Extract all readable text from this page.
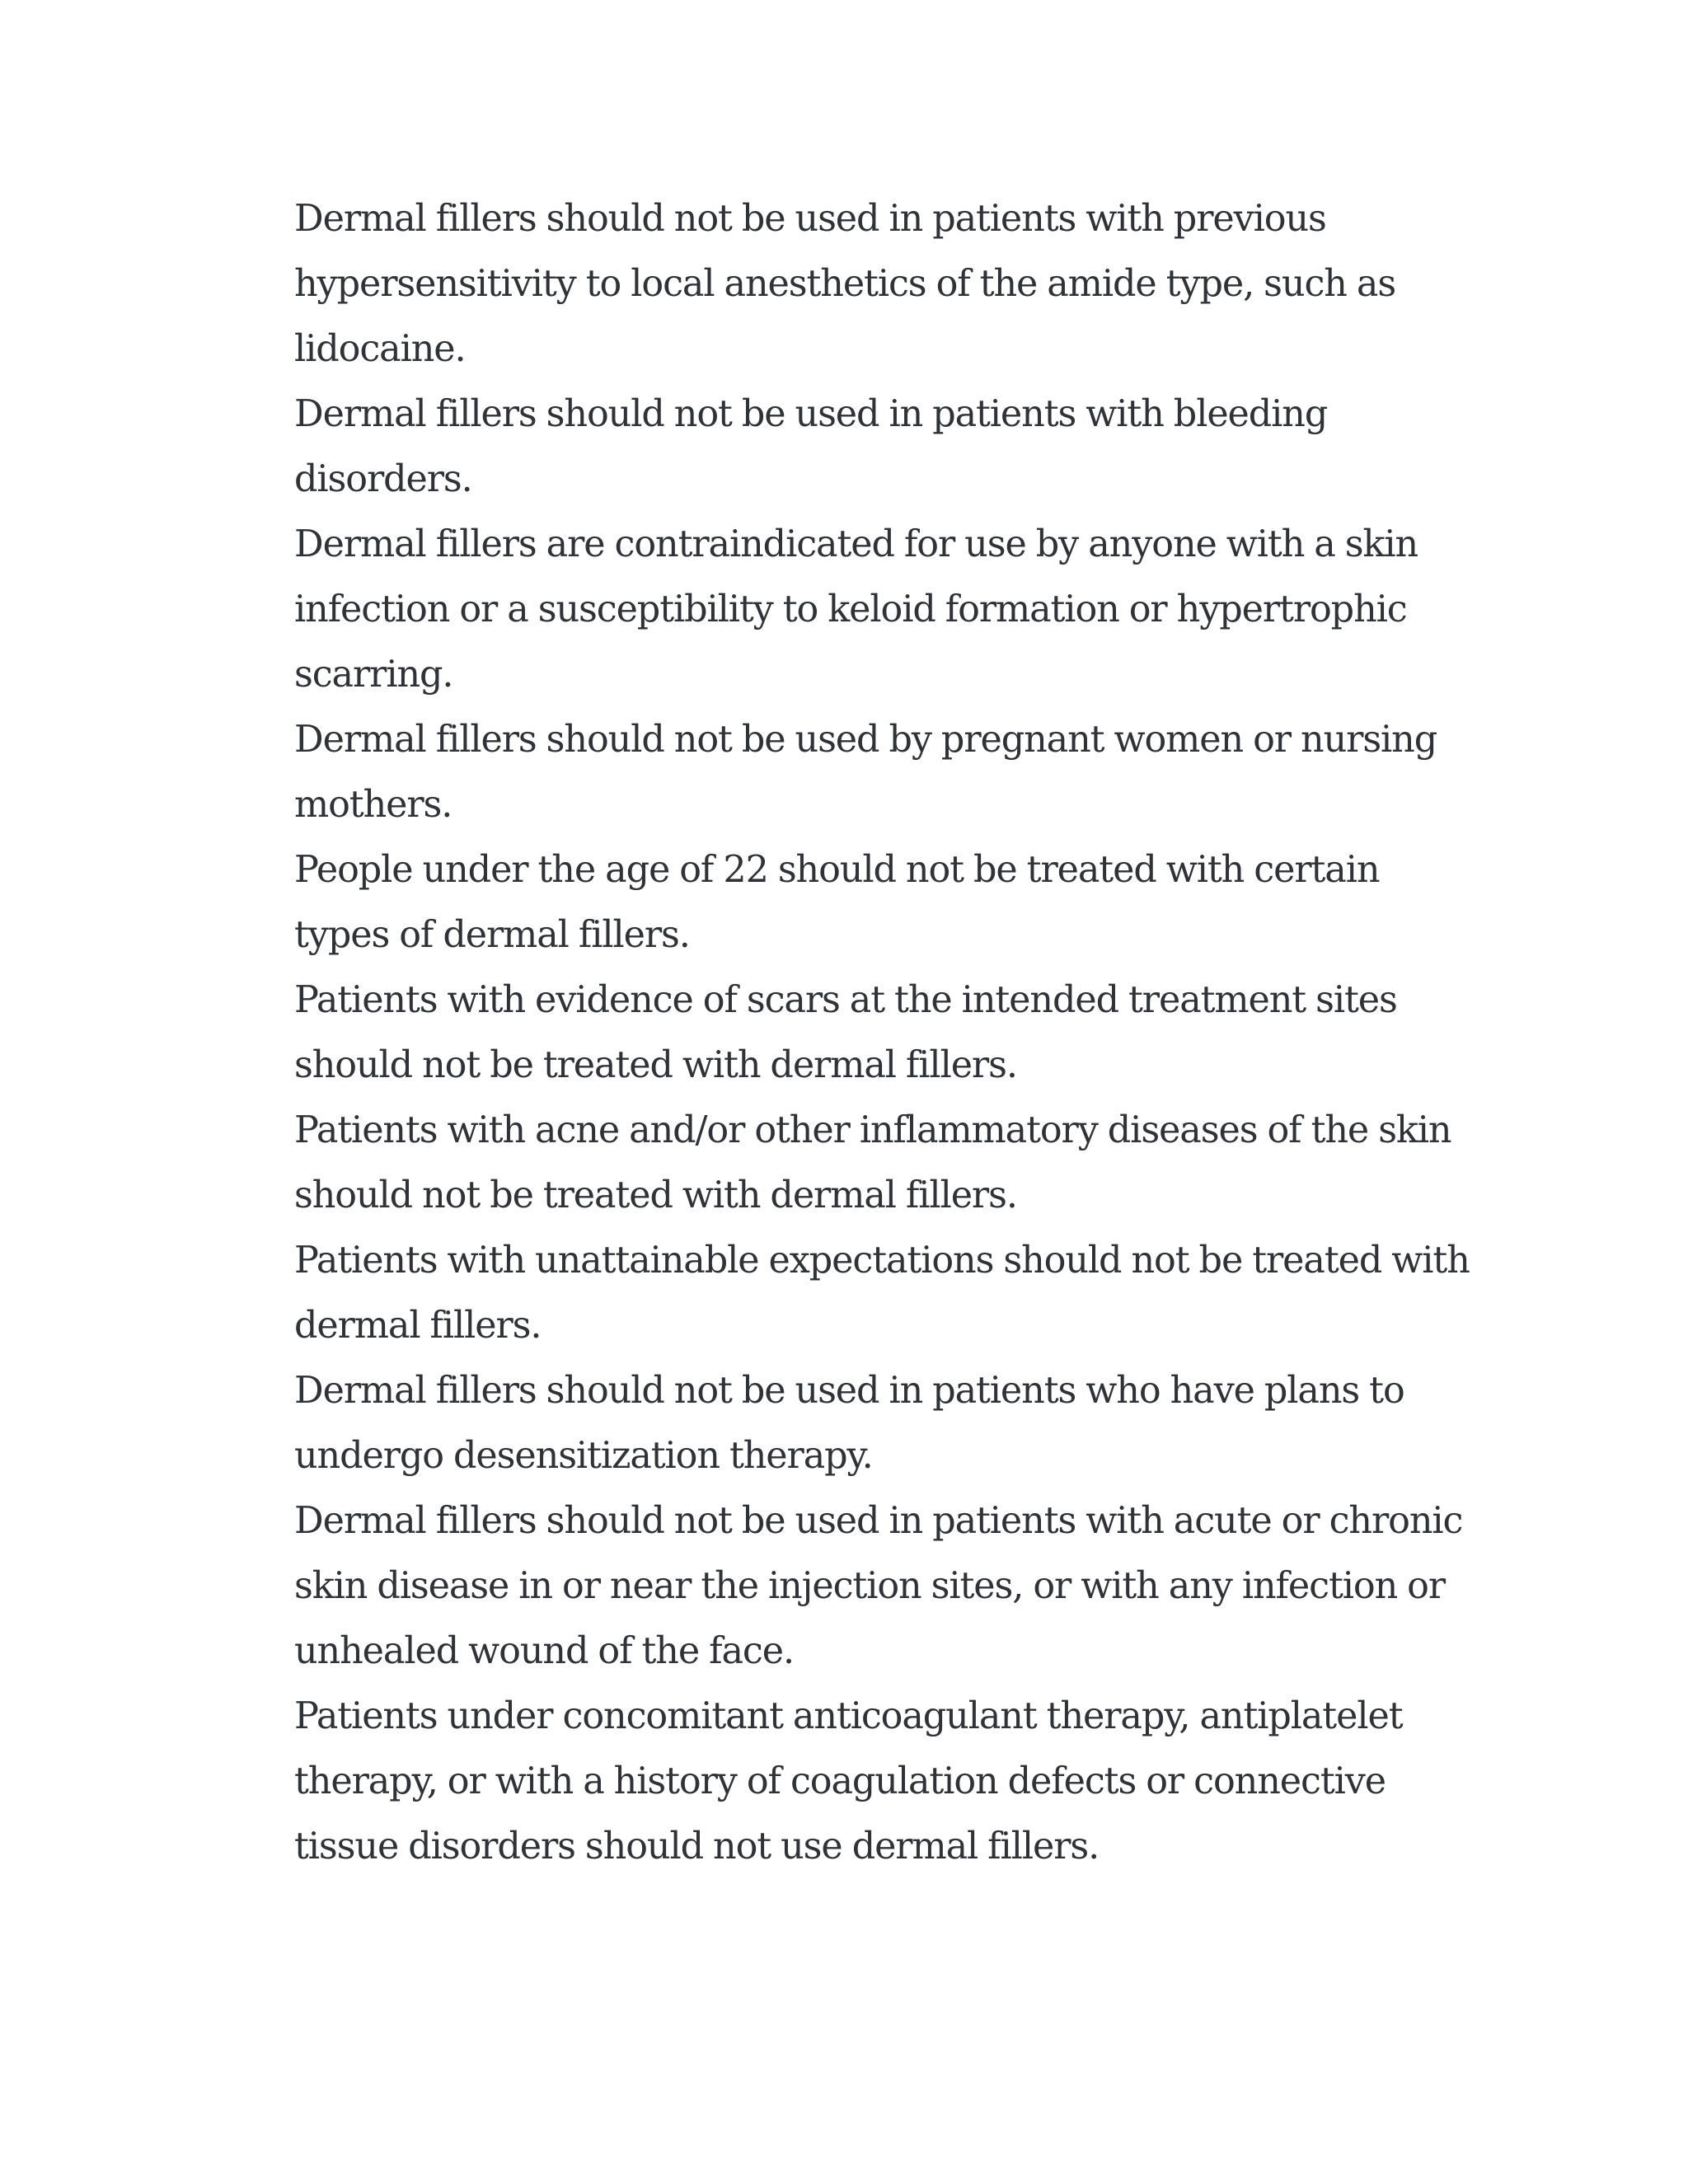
Dermal fillers should not be used in patients with previous hypersensitivity to local anesthetics of the amide type, such as lidocaine.

Dermal fillers should not be used in patients with bleeding disorders.

Dermal fillers are contraindicated for use by anyone with a skin infection or a susceptibility to keloid formation or hypertrophic scarring.

Dermal fillers should not be used by pregnant women or nursing mothers.

People under the age of 22 should not be treated with certain types of dermal fillers.

Patients with evidence of scars at the intended treatment sites should not be treated with dermal fillers.

Patients with acne and/or other inflammatory diseases of the skin should not be treated with dermal fillers.

Patients with unattainable expectations should not be treated with dermal fillers.

Dermal fillers should not be used in patients who have plans to undergo desensitization therapy.

Dermal fillers should not be used in patients with acute or chronic skin disease in or near the injection sites, or with any infection or unhealed wound of the face.

Patients under concomitant anticoagulant therapy, antiplatelet therapy, or with a history of coagulation defects or connective tissue disorders should not use dermal fillers.
